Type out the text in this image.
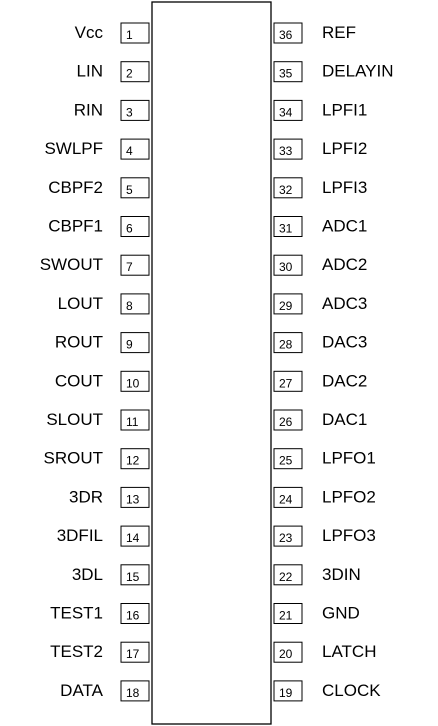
1
Vcc
2
LIN
3
RIN
4
SWLPF
5
CBPF2
6
CBPF1
7
SWOUT
8
LOUT
9
ROUT
10
COUT
11
SLOUT
12
SROUT
13
3DR
14
3DFIL
15
3DL
16
TEST1
17
TEST2
18
DATA
36 REF
35 DELAYIN
34 LPFI1
33 LPFI2
32 LPFI3
31 ADC1
30 ADC2
29 ADC3
28 DAC3
27 DAC2
26 DAC1
25 LPFO1
24 LPFO2
23 LPFO3
22 3DIN
21 GND
20 LATCH
19 CLOCK
